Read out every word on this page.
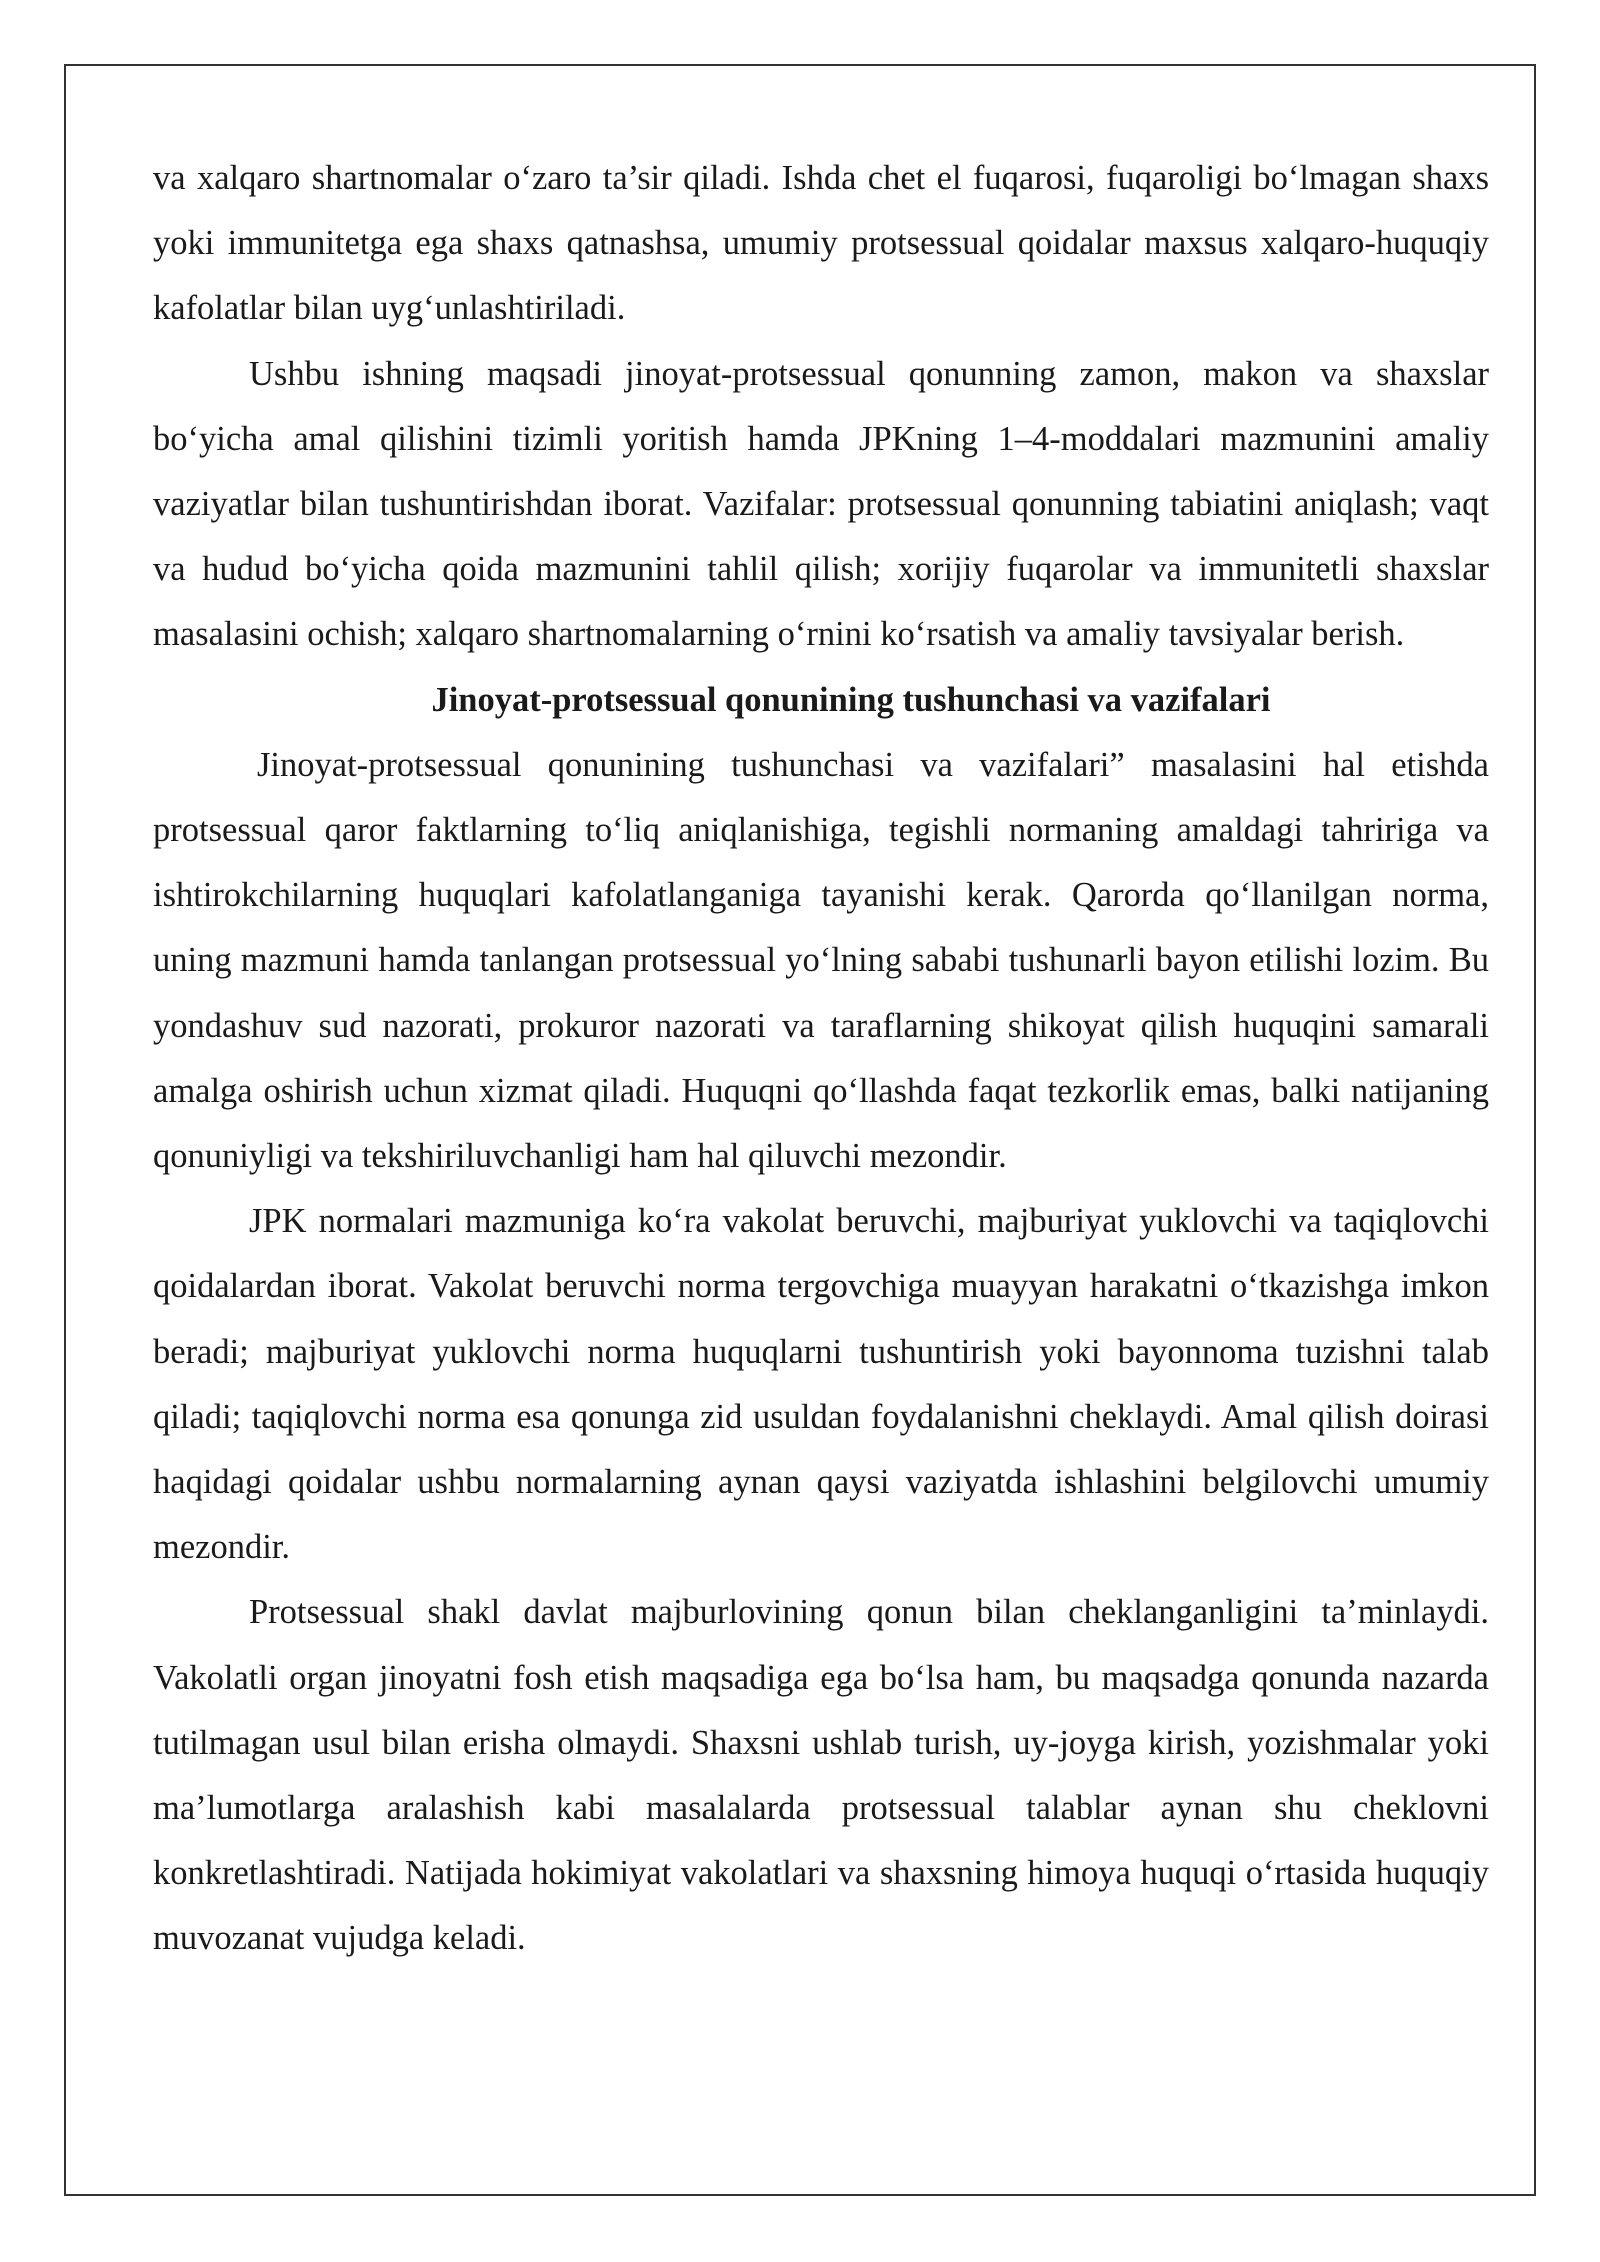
va xalqaro shartnomalar o‘zaro ta’sir qiladi. Ishda chet el fuqarosi, fuqaroligi bo‘lmagan shaxs yoki immunitetga ega shaxs qatnashsa, umumiy protsessual qoidalar maxsus xalqaro-huquqiy kafolatlar bilan uyg‘unlashtiriladi.

Ushbu ishning maqsadi jinoyat-protsessual qonunning zamon, makon va shaxslar bo‘yicha amal qilishini tizimli yoritish hamda JPKning 1–4-moddalari mazmunini amaliy vaziyatlar bilan tushuntirishdan iborat. Vazifalar: protsessual qonunning tabiatini aniqlash; vaqt va hudud bo‘yicha qoida mazmunini tahlil qilish; xorijiy fuqarolar va immunitetli shaxslar masalasini ochish; xalqaro shartnomalarning o‘rnini ko‘rsatish va amaliy tavsiyalar berish.

Jinoyat-protsessual qonunining tushunchasi va vazifalari

Jinoyat-protsessual qonunining tushunchasi va vazifalari” masalasini hal etishda protsessual qaror faktlarning to‘liq aniqlanishiga, tegishli normaning amaldagi tahririga va ishtirokchilarning huquqlari kafolatlanganiga tayanishi kerak. Qarorda qo‘llanilgan norma, uning mazmuni hamda tanlangan protsessual yo‘lning sababi tushunarli bayon etilishi lozim. Bu yondashuv sud nazorati, prokuror nazorati va taraflarning shikoyat qilish huquqini samarali amalga oshirish uchun xizmat qiladi. Huquqni qo‘llashda faqat tezkorlik emas, balki natijaning qonuniyligi va tekshiriluvchanligi ham hal qiluvchi mezondir.

JPK normalari mazmuniga ko‘ra vakolat beruvchi, majburiyat yuklovchi va taqiqlovchi qoidalardan iborat. Vakolat beruvchi norma tergovchiga muayyan harakatni o‘tkazishga imkon beradi; majburiyat yuklovchi norma huquqlarni tushuntirish yoki bayonnoma tuzishni talab qiladi; taqiqlovchi norma esa qonunga zid usuldan foydalanishni cheklaydi. Amal qilish doirasi haqidagi qoidalar ushbu normalarning aynan qaysi vaziyatda ishlashini belgilovchi umumiy mezondir.

Protsessual shakl davlat majburlovining qonun bilan cheklanganligini ta’minlaydi. Vakolatli organ jinoyatni fosh etish maqsadiga ega bo‘lsa ham, bu maqsadga qonunda nazarda tutilmagan usul bilan erisha olmaydi. Shaxsni ushlab turish, uy-joyga kirish, yozishmalar yoki ma’lumotlarga aralashish kabi masalalarda protsessual talablar aynan shu cheklovni konkretlashtiradi. Natijada hokimiyat vakolatlari va shaxsning himoya huquqi o‘rtasida huquqiy muvozanat vujudga keladi.
